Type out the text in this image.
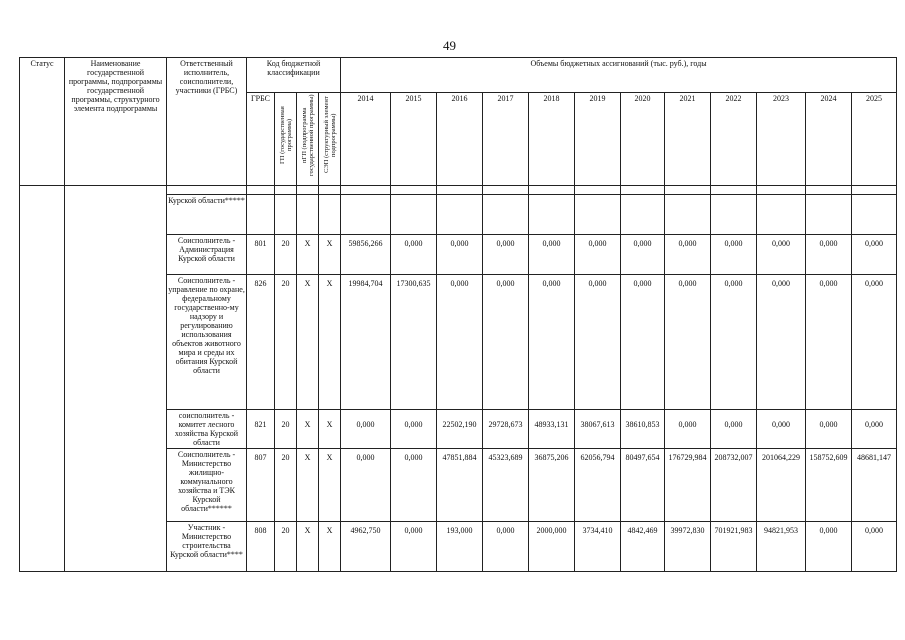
49
Статус	Наименование государственной программы, подпрограммы государственной программы, структурного элемента подпрограммы	Ответственный исполнитель, соисполнители, участники (ГРБС)	Код бюджетной классификации				Объемы бюджетных ассигнований (тыс. руб.), годы											
			ГРБС	ГП (государственная программа)	пГП (подпрограмма государственной программы)	СЭП (структурный элемент подпрограммы)	2014	2015	2016	2017	2018	2019	2020	2021	2022	2023	2024	2025

		Курской области*****																
		Соисполнитель - Администрация Курской области	801	20	Х	Х	59856,266	0,000	0,000	0,000	0,000	0,000	0,000	0,000	0,000	0,000	0,000	0,000
		Соисполнитель - управление по охране, федеральному государственно-му надзору и регулированию использования объектов животного мира и среды их обитания Курской области	826	20	Х	Х	19984,704	17300,635	0,000	0,000	0,000	0,000	0,000	0,000	0,000	0,000	0,000	0,000
		соисполнитель - комитет лесного хозяйства Курской области	821	20	Х	Х	0,000	0,000	22502,190	29728,673	48933,131	38067,613	38610,853	0,000	0,000	0,000	0,000	0,000
		Соисполнитель - Министерство жилищно-коммунального хозяйства и ТЭК Курской области******	807	20	Х	Х	0,000	0,000	47851,884	45323,689	36875,206	62056,794	80497,654	176729,984	208732,007	201064,229	158752,609	48681,147
		Участник - Министерство строительства Курской области****	808	20	Х	Х	4962,750	0,000	193,000	0,000	2000,000	3734,410	4842,469	39972,830	701921,983	94821,953	0,000	0,000
